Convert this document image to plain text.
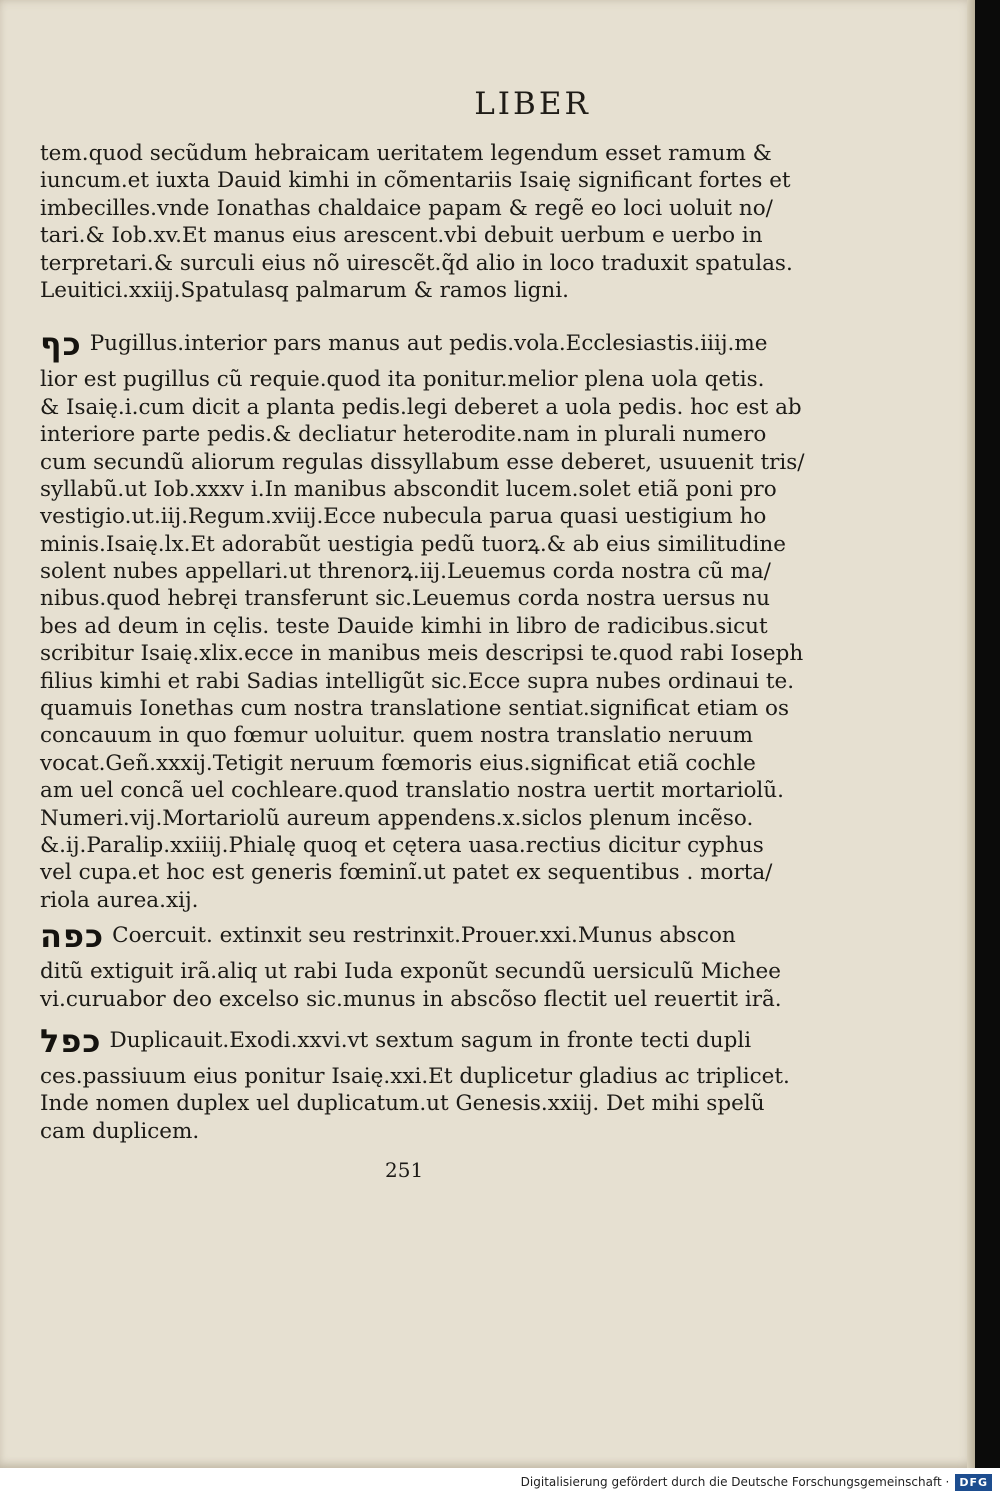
LIBER
tem.quod secũdum hebraicam ueritatem legendum esset ramum &
iuncum.et iuxta Dauid kimhi in cõmentariis Isaię significant fortes et
imbecilles.vnde Ionathas chaldaice papam & regẽ eo loci uoluit no/
tari.& Iob.xv.Et manus eius arescent.vbi debuit uerbum e uerbo in
terpretari.& surculi eius nõ uirescẽt.q̃d alio in loco traduxit spatulas.
Leuitici.xxiij.Spatulasq palmarum & ramos ligni.
כף Pugillus.interior pars manus aut pedis.vola.Ecclesiastis.iiij.me
lior est pugillus cũ requie.quod ita ponitur.melior plena uola qetis.
& Isaię.i.cum dicit a planta pedis.legi deberet a uola pedis. hoc est ab
interiore parte pedis.& decliatur heterodite.nam in plurali numero
cum secundũ aliorum regulas dissyllabum esse deberet, usuuenit tris/
syllabũ.ut Iob.xxxv i.In manibus abscondit lucem.solet etiã poni pro
vestigio.ut.iij.Regum.xviij.Ecce nubecula parua quasi uestigium ho
minis.Isaię.lx.Et adorabũt uestigia pedũ tuorꝝ.& ab eius similitudine
solent nubes appellari.ut threnorꝝ.iij.Leuemus corda nostra cũ ma/
nibus.quod hebręi transferunt sic.Leuemus corda nostra uersus nu
bes ad deum in cęlis. teste Dauide kimhi in libro de radicibus.sicut
scribitur Isaię.xlix.ecce in manibus meis descripsi te.quod rabi Ioseph
filius kimhi et rabi Sadias intelligũt sic.Ecce supra nubes ordinaui te.
quamuis Ionethas cum nostra translatione sentiat.significat etiam os
concauum in quo fœmur uoluitur. quem nostra translatio neruum
vocat.Geñ.xxxij.Tetigit neruum fœmoris eius.significat etiã cochle
am uel concã uel cochleare.quod translatio nostra uertit mortariolũ.
Numeri.vij.Mortariolũ aureum appendens.x.siclos plenum incẽso.
&.ij.Paralip.xxiiij.Phialę quoq et cętera uasa.rectius dicitur cyphus
vel cupa.et hoc est generis fœminĩ.ut patet ex sequentibus . morta/
riola aurea.xij.
כפה Coercuit. extinxit seu restrinxit.Prouer.xxi.Munus abscon
ditũ extiguit irã.aliq ut rabi Iuda exponũt secundũ uersiculũ Michee
vi.curuabor deo excelso sic.munus in abscõso flectit uel reuertit irã.
כפל Duplicauit.Exodi.xxvi.vt sextum sagum in fronte tecti dupli
ces.passiuum eius ponitur Isaię.xxi.Et duplicetur gladius ac triplicet.
Inde nomen duplex uel duplicatum.ut Genesis.xxiij. Det mihi spelũ
cam duplicem.
251
Digitalisierung gefördert durch die Deutsche Forschungsgemeinschaft · DFG
